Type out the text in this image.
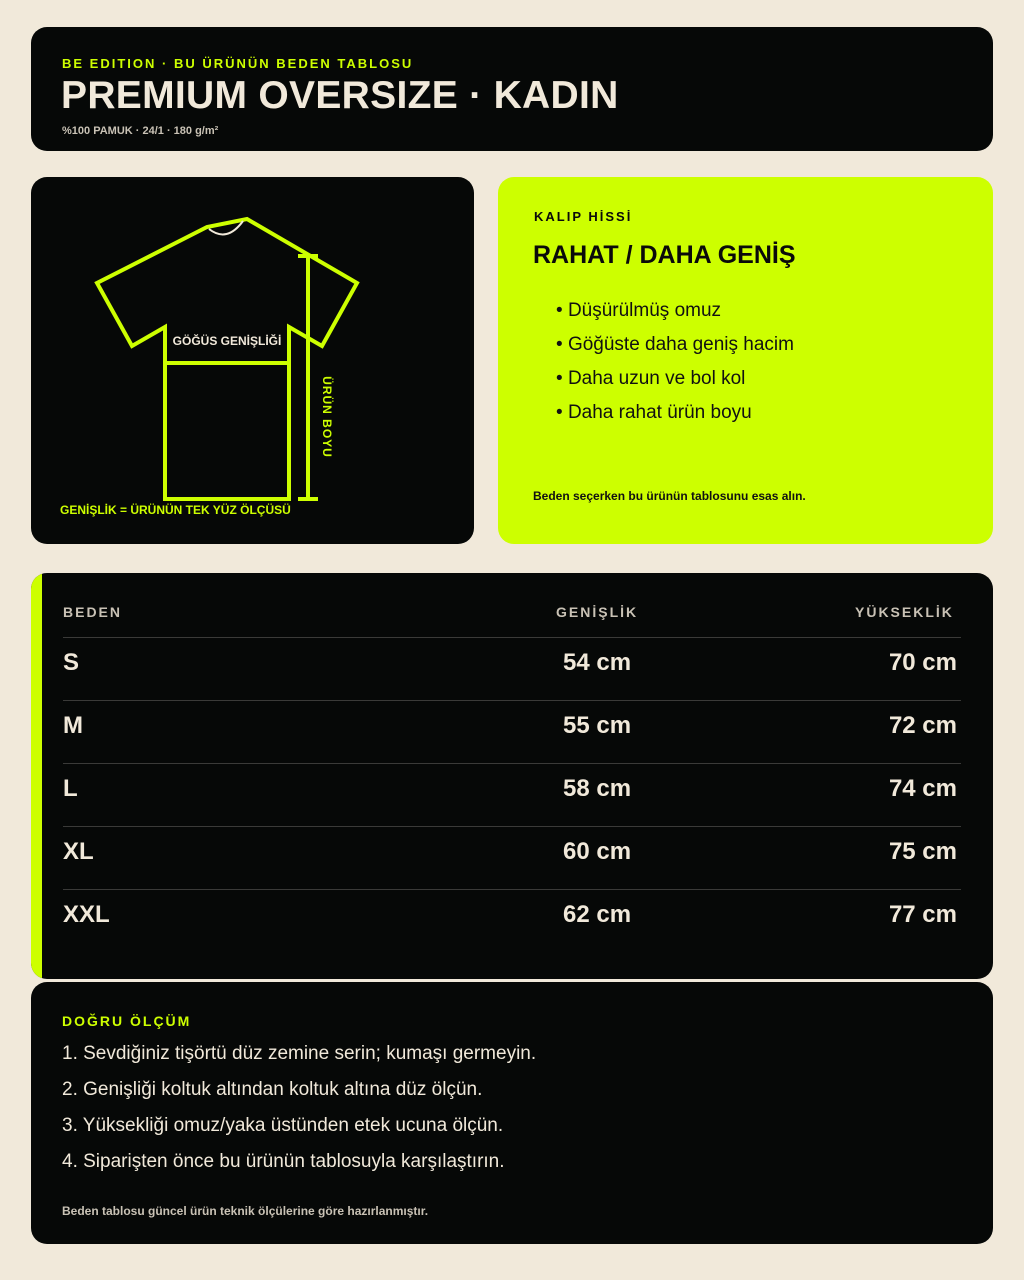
BE EDITION · BU ÜRÜNÜN BEDEN TABLOSU
PREMIUM OVERSIZE · KADIN
%100 PAMUK · 24/1 · 180 g/m²
GÖĞÜS GENİŞLİĞİ
ÜRÜN BOYU
GENİŞLİK = ÜRÜNÜN TEK YÜZ ÖLÇÜSÜ
KALIP HİSSİ
RAHAT / DAHA GENİŞ
• Düşürülmüş omuz
• Göğüste daha geniş hacim
• Daha uzun ve bol kol
• Daha rahat ürün boyu
Beden seçerken bu ürünün tablosunu esas alın.
BEDEN	GENİŞLİK	YÜKSEKLİK
S	54 cm	70 cm
M	55 cm	72 cm
L	58 cm	74 cm
XL	60 cm	75 cm
XXL	62 cm	77 cm
DOĞRU ÖLÇÜM
1. Sevdiğiniz tişörtü düz zemine serin; kumaşı germeyin.
2. Genişliği koltuk altından koltuk altına düz ölçün.
3. Yüksekliği omuz/yaka üstünden etek ucuna ölçün.
4. Siparişten önce bu ürünün tablosuyla karşılaştırın.
Beden tablosu güncel ürün teknik ölçülerine göre hazırlanmıştır.
